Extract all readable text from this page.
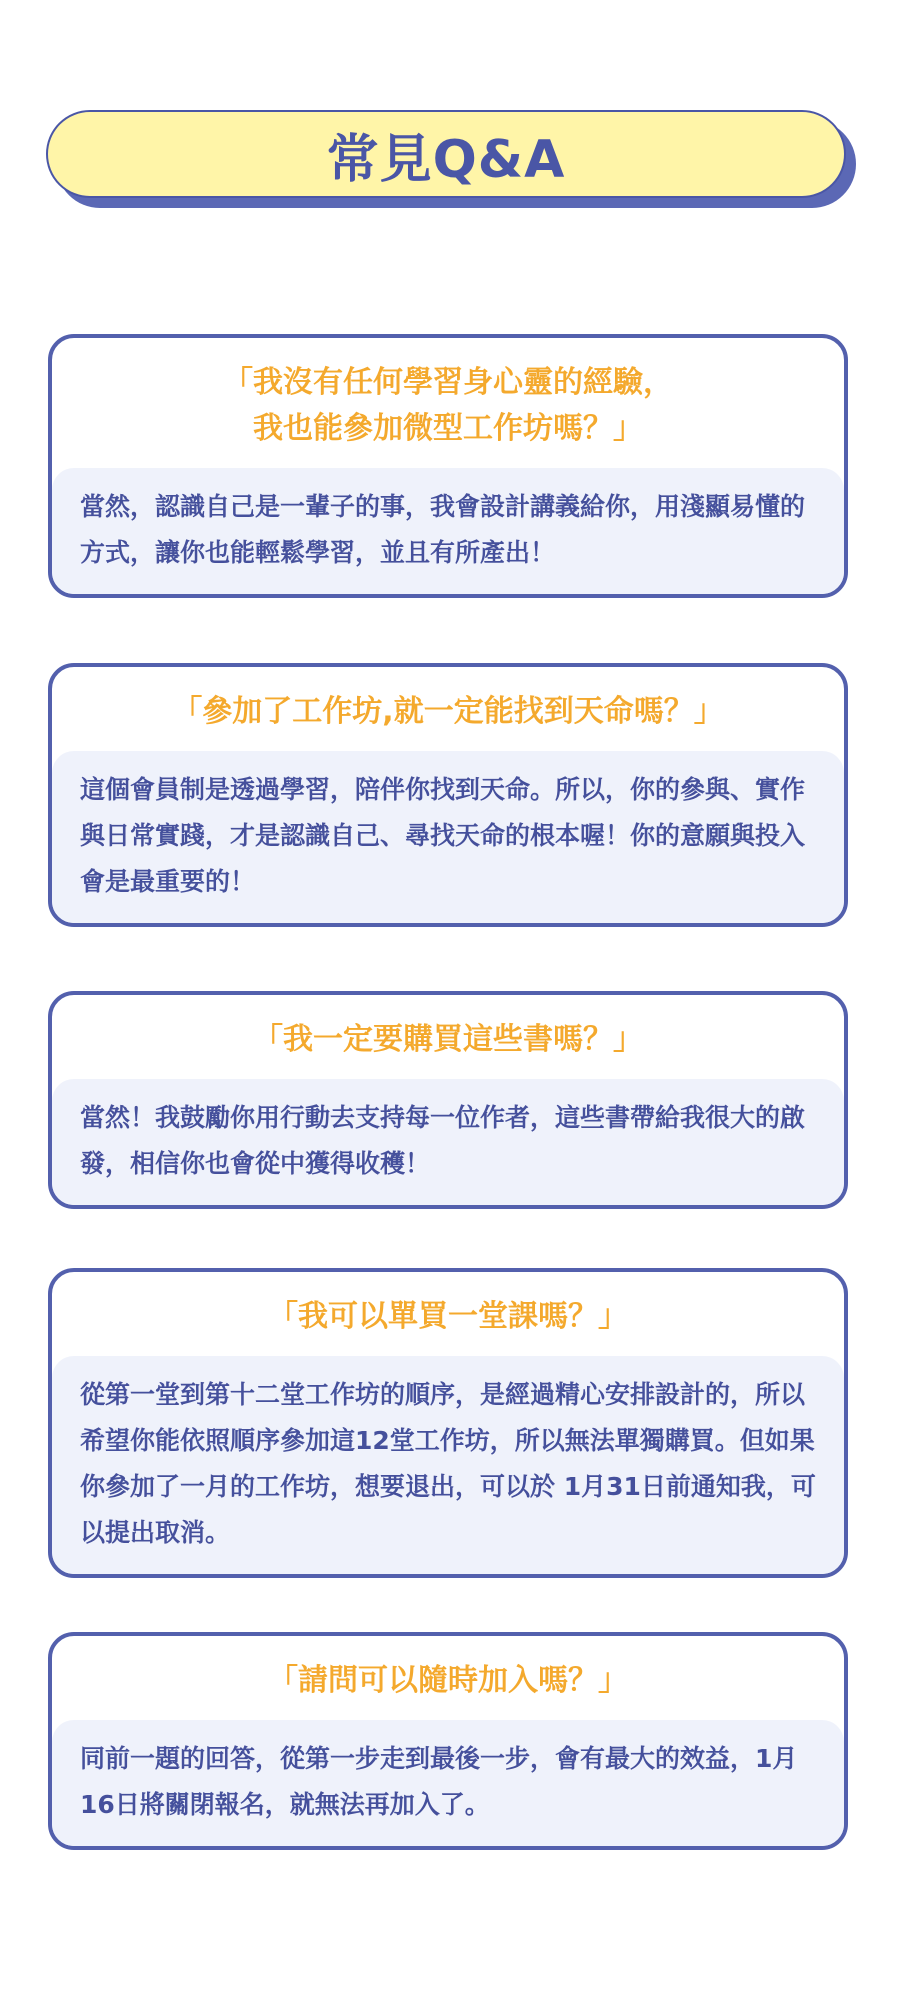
常見Q&A
「我沒有任何學習身心靈的經驗，
我也能參加微型工作坊嗎？」
當然，認識自己是一輩子的事，我會設計講義給你，用淺顯易懂的方式，讓你也能輕鬆學習，並且有所產出！
「參加了工作坊,就一定能找到天命嗎？」
這個會員制是透過學習，陪伴你找到天命。所以，你的參與、實作與日常實踐，才是認識自己、尋找天命的根本喔！你的意願與投入會是最重要的！
「我一定要購買這些書嗎？」
當然！我鼓勵你用行動去支持每一位作者，這些書帶給我很大的啟發，相信你也會從中獲得收穫！
「我可以單買一堂課嗎？」
從第一堂到第十二堂工作坊的順序，是經過精心安排設計的，所以希望你能依照順序參加這12堂工作坊，所以無法單獨購買。但如果你參加了一月的工作坊，想要退出，可以於 1月31日前通知我，可以提出取消。
「請問可以隨時加入嗎？」
同前一題的回答，從第一步走到最後一步，會有最大的效益，1月16日將關閉報名，就無法再加入了。
